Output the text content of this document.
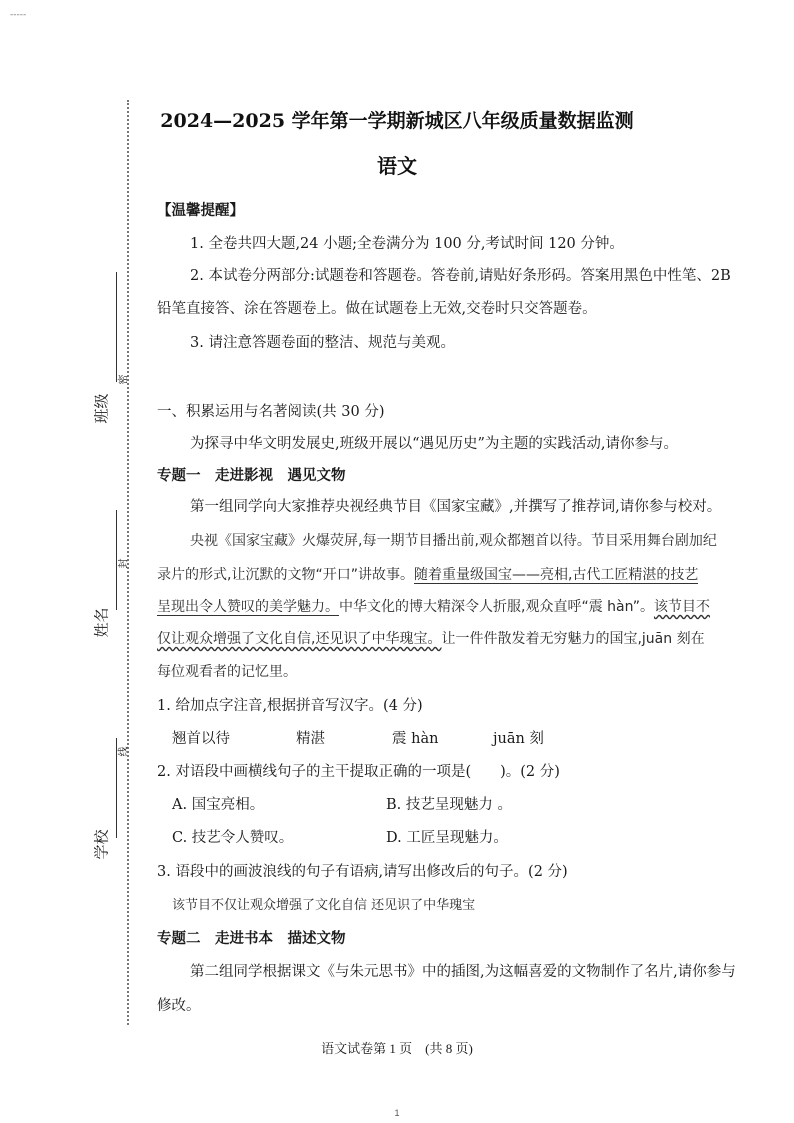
-----
班级
密
姓名
封
学校
线
2024—2025 学年第一学期新城区八年级质量数据监测
语文
【温馨提醒】
1. 全卷共四大题,24 小题;全卷满分为 100 分,考试时间 120 分钟。
2. 本试卷分两部分:试题卷和答题卷。答卷前,请贴好条形码。答案用黑色中性笔、2B
铅笔直接答、涂在答题卷上。做在试题卷上无效,交卷时只交答题卷。
3. 请注意答题卷面的整洁、规范与美观。
一、积累运用与名著阅读(共 30 分)
为探寻中华文明发展史,班级开展以“遇见历史”为主题的实践活动,请你参与。
专题一　走进影视　遇见文物
第一组同学向大家推荐央视经典节目《国家宝藏》,并撰写了推荐词,请你参与校对。
央视《国家宝藏》火爆荧屏,每一期节目播出前,观众都翘首以待。节目采用舞台剧加纪
录片的形式,让沉默的文物“开口”讲故事。随着重量级国宝——亮相,古代工匠精湛的技艺
呈现出令人赞叹的美学魅力。中华文化的博大精深令人折服,观众直呼“震 hàn”。该节目不
仅让观众增强了文化自信,还见识了中华瑰宝。让一件件散发着无穷魅力的国宝,juān 刻在
每位观看者的记忆里。
1. 给加点字注音,根据拼音写汉字。(4 分)
翘首以待	精湛	震 hàn	juān 刻
2. 对语段中画横线句子的主干提取正确的一项是(　　)。(2 分)
A. 国宝亮相。	B. 技艺呈现魅力 。
C. 技艺令人赞叹。	D. 工匠呈现魅力。
3. 语段中的画波浪线的句子有语病,请写出修改后的句子。(2 分)
该节目不仅让观众增强了文化自信 还见识了中华瑰宝
专题二　走进书本　描述文物
第二组同学根据课文《与朱元思书》中的插图,为这幅喜爱的文物制作了名片,请你参与
修改。
语文试卷第 1 页　(共 8 页)
1
